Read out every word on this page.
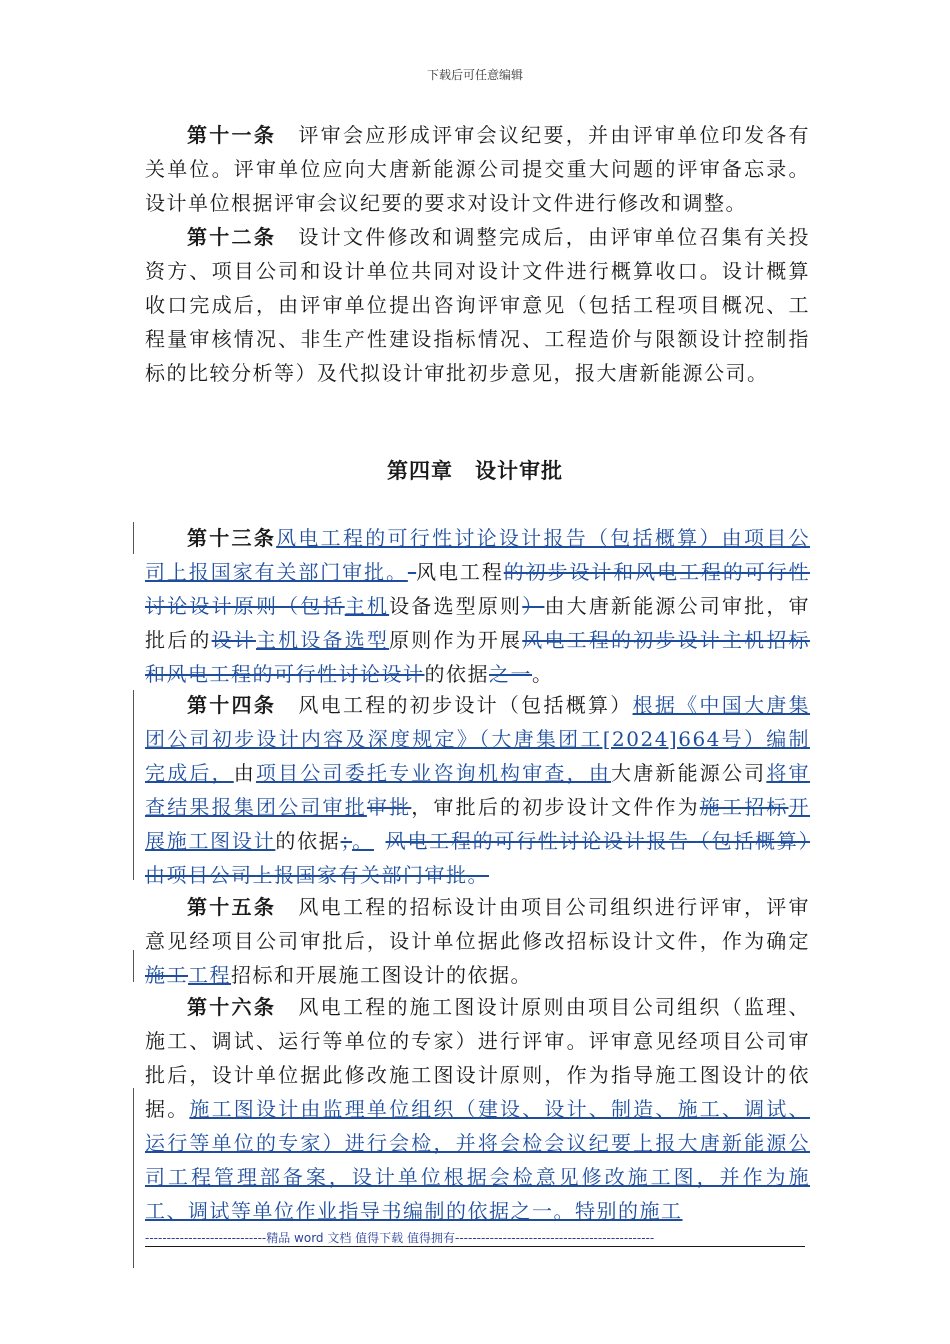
下载后可任意编辑

第十一条  评审会应形成评审会议纪要，并由评审单位印发各有关单位。评审单位应向大唐新能源公司提交重大问题的评审备忘录。设计单位根据评审会议纪要的要求对设计文件进行修改和调整。

第十二条  设计文件修改和调整完成后，由评审单位召集有关投资方、项目公司和设计单位共同对设计文件进行概算收口。设计概算收口完成后，由评审单位提出咨询评审意见（包括工程项目概况、工程量审核情况、非生产性建设指标情况、工程造价与限额设计控制指标的比较分析等）及代拟设计审批初步意见，报大唐新能源公司。

第四章 设计审批

第十三条风电工程的可行性讨论设计报告（包括概算）由项目公司上报国家有关部门审批。 风电工程的初步设计和风电工程的可行性讨论设计原则（包括主机设备选型原则）由大唐新能源公司审批，审批后的设计主机设备选型原则作为开展风电工程的初步设计主机招标和风电工程的可行性讨论设计的依据之一。

第十四条  风电工程的初步设计（包括概算）根据《中国大唐集团公司初步设计内容及深度规定》（大唐集团工[2024]664号）编制完成后，由项目公司委托专业咨询机构审查，由大唐新能源公司将审查结果报集团公司审批审批，审批后的初步设计文件作为施工招标开展施工图设计的依据；。  风电工程的可行性讨论设计报告（包括概算）由项目公司上报国家有关部门审批。

第十五条  风电工程的招标设计由项目公司组织进行评审，评审意见经项目公司审批后，设计单位据此修改招标设计文件，作为确定施工工程招标和开展施工图设计的依据。

第十六条  风电工程的施工图设计原则由项目公司组织（监理、施工、调试、运行等单位的专家）进行评审。评审意见经项目公司审批后，设计单位据此修改施工图设计原则，作为指导施工图设计的依据。施工图设计由监理单位组织（建设、设计、制造、施工、调试、运行等单位的专家）进行会检，并将会检会议纪要上报大唐新能源公司工程管理部备案，设计单位根据会检意见修改施工图，并作为施工、调试等单位作业指导书编制的依据之一。特别的施工

----------------------------精品 word 文档 值得下载 值得拥有----------------------------------------------
